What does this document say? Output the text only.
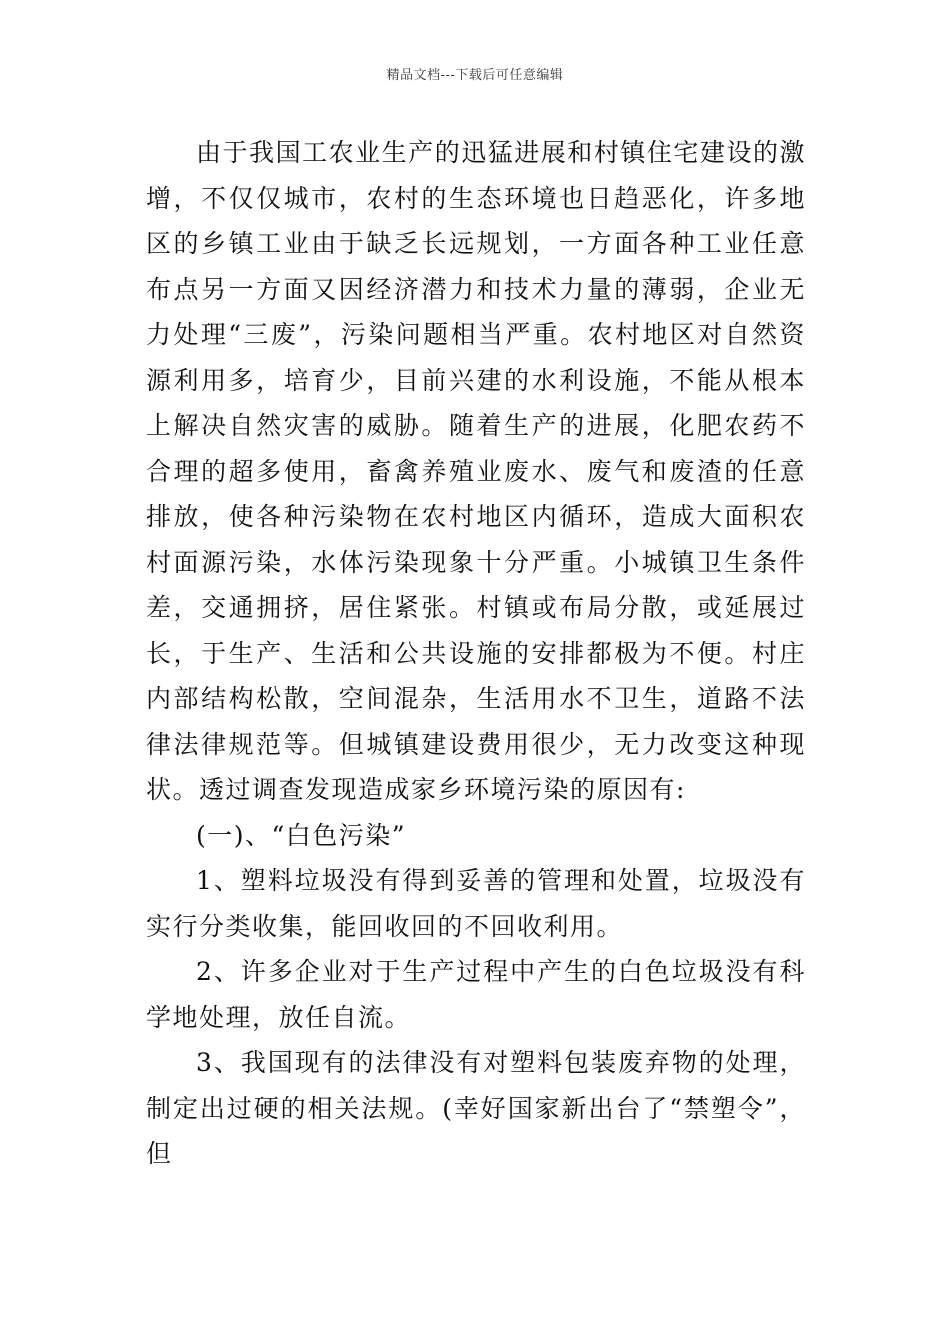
精品文档---下载后可任意编辑

由于我国工农业生产的迅猛进展和村镇住宅建设的激增，不仅仅城市，农村的生态环境也日趋恶化，许多地区的乡镇工业由于缺乏长远规划，一方面各种工业任意布点另一方面又因经济潜力和技术力量的薄弱，企业无力处理“三废”，污染问题相当严重。农村地区对自然资源利用多，培育少，目前兴建的水利设施，不能从根本上解决自然灾害的威胁。随着生产的进展，化肥农药不合理的超多使用，畜禽养殖业废水、废气和废渣的任意排放，使各种污染物在农村地区内循环，造成大面积农村面源污染，水体污染现象十分严重。小城镇卫生条件差，交通拥挤，居住紧张。村镇或布局分散，或延展过长，于生产、生活和公共设施的安排都极为不便。村庄内部结构松散，空间混杂，生活用水不卫生，道路不法律法律规范等。但城镇建设费用很少，无力改变这种现状。透过调查发现造成家乡环境污染的原因有:

(一)、“白色污染”

1、塑料垃圾没有得到妥善的管理和处置，垃圾没有实行分类收集，能回收回的不回收利用。

2、许多企业对于生产过程中产生的白色垃圾没有科学地处理，放任自流。

3、我国现有的法律没有对塑料包装废弃物的处理，制定出过硬的相关法规。(幸好国家新出台了“禁塑令”，但
